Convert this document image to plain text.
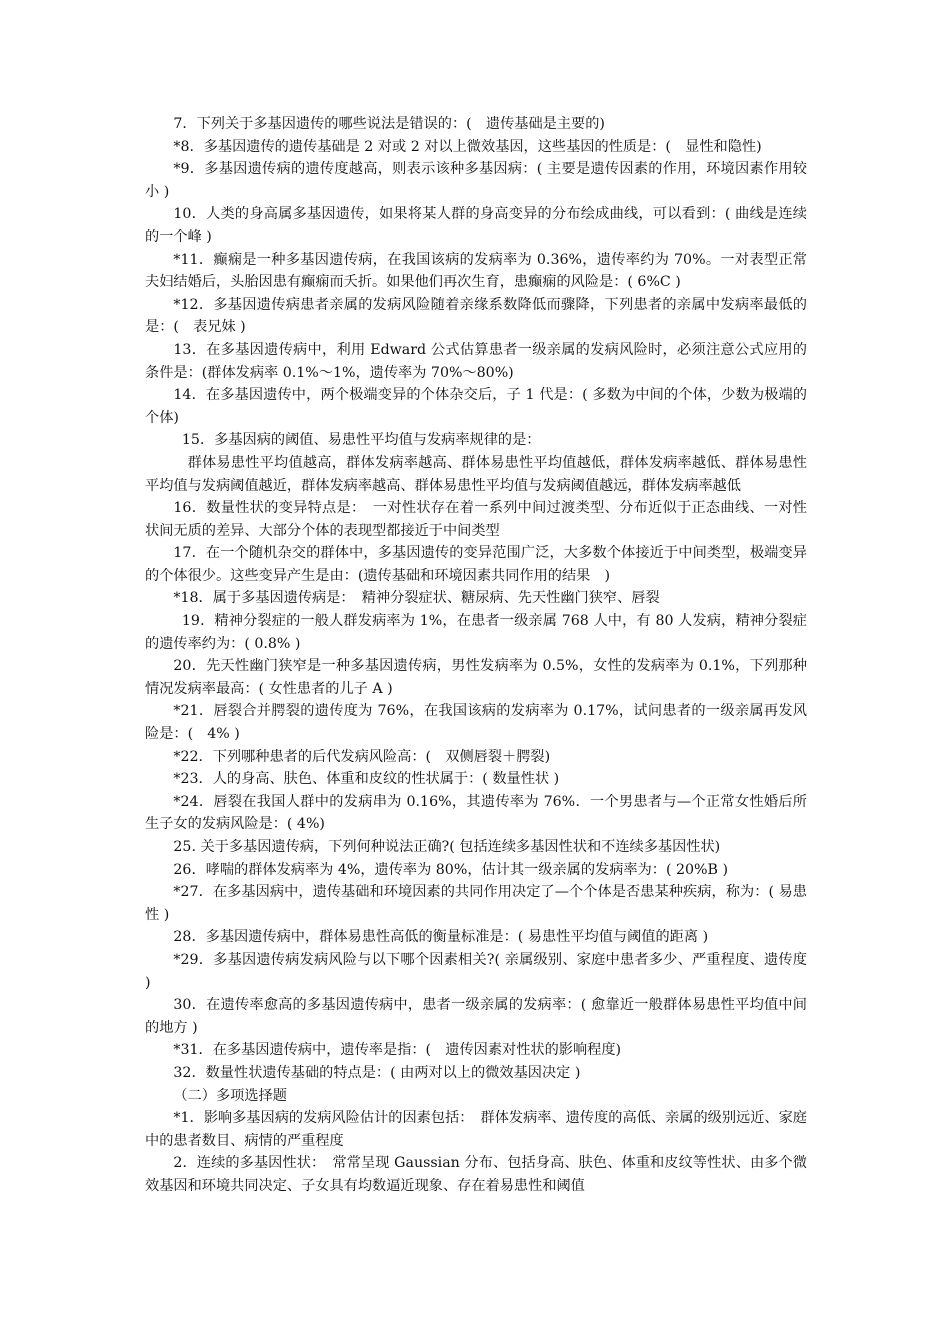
7．下列关于多基因遗传的哪些说法是错误的：(　遗传基础是主要的)

*8．多基因遗传的遗传基础是 2 对或 2 对以上微效基因，这些基因的性质是：(　显性和隐性)

*9．多基因遗传病的遗传度越高，则表示该种多基因病：( 主要是遗传因素的作用，环境因素作用较小 )

10．人类的身高属多基因遗传，如果将某人群的身高变异的分布绘成曲线，可以看到：( 曲线是连续的一个峰 )

*11．癫痫是一种多基因遗传病，在我国该病的发病率为 0.36%，遗传率约为 70%。一对表型正常夫妇结婚后，头胎因患有癫痫而夭折。如果他们再次生育，患癫痫的风险是：( 6%C )

*12．多基因遗传病患者亲属的发病风险随着亲缘系数降低而骤降，下列患者的亲属中发病率最低的是：(　表兄妹 )

13．在多基因遗传病中，利用 Edward 公式估算患者一级亲属的发病风险时，必须注意公式应用的条件是：(群体发病率 0.1%～1%，遗传率为 70%～80%)

14．在多基因遗传中，两个极端变异的个体杂交后，子 1 代是：( 多数为中间的个体，少数为极端的个体)

15．多基因病的阈值、易患性平均值与发病率规律的是：

群体易患性平均值越高，群体发病率越高、群体易患性平均值越低，群体发病率越低、群体易患性平均值与发病阈值越近，群体发病率越高、群体易患性平均值与发病阈值越远，群体发病率越低

16．数量性状的变异特点是：　一对性状存在着一系列中间过渡类型、分布近似于正态曲线、一对性状间无质的差异、大部分个体的表现型都接近于中间类型

17．在一个随机杂交的群体中，多基因遗传的变异范围广泛，大多数个体接近于中间类型，极端变异的个体很少。这些变异产生是由：(遗传基础和环境因素共同作用的结果　)

*18．属于多基因遗传病是：　精神分裂症状、糖尿病、先天性幽门狭窄、唇裂

19．精神分裂症的一般人群发病率为 1%，在患者一级亲属 768 人中，有 80 人发病，精神分裂症的遗传率约为：( 0.8% )

20．先天性幽门狭窄是一种多基因遗传病，男性发病率为 0.5%，女性的发病率为 0.1%，下列那种情况发病率最高：( 女性患者的儿子 A )

*21．唇裂合并腭裂的遗传度为 76%，在我国该病的发病率为 0.17%，试问患者的一级亲属再发风险是：(　4% )

*22．下列哪种患者的后代发病风险高：(　双侧唇裂＋腭裂)

*23．人的身高、肤色、体重和皮纹的性状属于：( 数量性状 )

*24．唇裂在我国人群中的发病串为 0.16%，其遗传率为 76%．一个男患者与—个正常女性婚后所生子女的发病风险是：( 4%)

25. 关于多基因遗传病，下列何种说法正确?( 包括连续多基因性状和不连续多基因性状)

26．哮喘的群体发病率为 4%，遗传率为 80%，估计其一级亲属的发病率为：( 20%B )

*27．在多基因病中，遗传基础和环境因素的共同作用决定了—个个体是否患某种疾病，称为：( 易患性 )

28．多基因遗传病中，群体易患性高低的衡量标准是：( 易患性平均值与阈值的距离 )

*29．多基因遗传病发病风险与以下哪个因素相关?( 亲属级别、家庭中患者多少、严重程度、遗传度 )

30．在遗传率愈高的多基因遗传病中，患者一级亲属的发病率：( 愈靠近一般群体易患性平均值中间的地方 )

*31．在多基因遗传病中，遗传率是指：(　遗传因素对性状的影响程度)

32．数量性状遗传基础的特点是：( 由两对以上的微效基因决定 )

（二）多项选择题

*1．影响多基因病的发病风险估计的因素包括：　群体发病率、遗传度的高低、亲属的级别远近、家庭中的患者数目、病情的严重程度

2．连续的多基因性状：　常常呈现 Gaussian 分布、包括身高、肤色、体重和皮纹等性状、由多个微效基因和环境共同决定、子女具有均数逼近现象、存在着易患性和阈值
